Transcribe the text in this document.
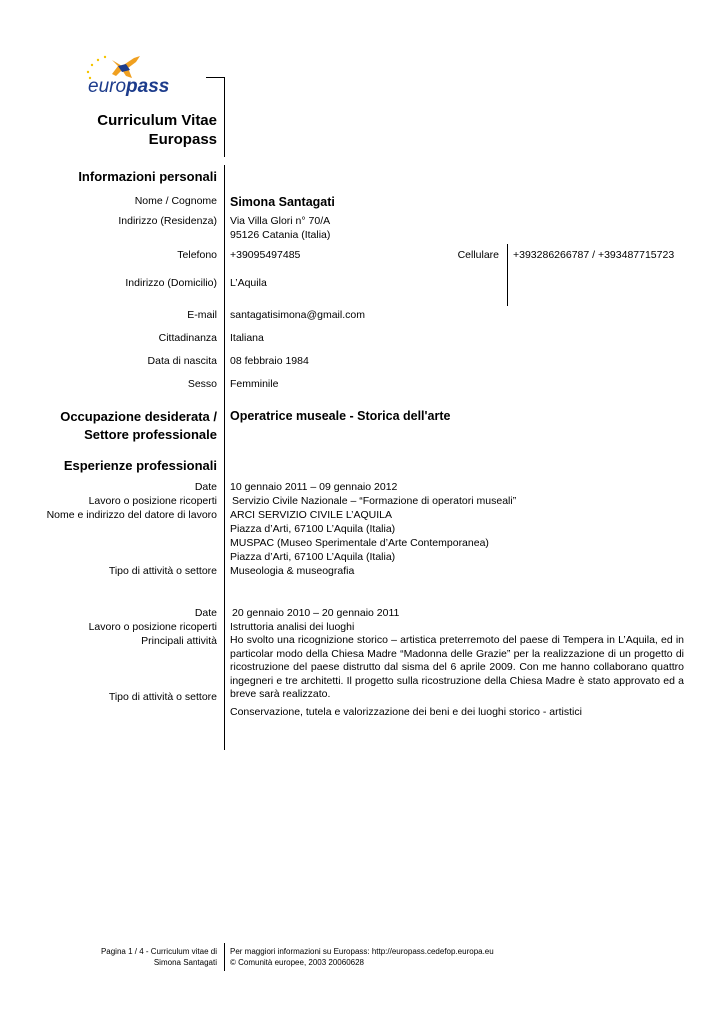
europass
Curriculum Vitae
Europass
Informazioni personali
Nome / Cognome Simona Santagati
Indirizzo (Residenza) Via Villa Glori n° 70/A
95126 Catania (Italia)
Telefono +39095497485	Cellulare +393286266787 / +393487715723
Indirizzo (Domicilio) L’Aquila
E-mail santagatisimona@gmail.com
Cittadinanza Italiana
Data di nascita 08 febbraio 1984
Sesso Femminile
Occupazione desiderata /
Settore professionale
Operatrice museale - Storica dell'arte
Esperienze professionali
Date 10 gennaio 2011 – 09 gennaio 2012
Lavoro o posizione ricoperti Servizio Civile Nazionale – “Formazione di operatori museali”
Nome e indirizzo del datore di lavoro ARCI SERVIZIO CIVILE L’AQUILA
Piazza d’Arti, 67100 L’Aquila (Italia)
MUSPAC (Museo Sperimentale d’Arte Contemporanea)
Piazza d’Arti, 67100 L’Aquila (Italia)
Tipo di attività o settore Museologia & museografia
Date 20 gennaio 2010 – 20 gennaio 2011
Lavoro o posizione ricoperti Istruttoria analisi dei luoghi
Principali attività Ho svolto una ricognizione storico – artistica preterremoto del paese di Tempera in L’Aquila, ed in particolar modo della Chiesa Madre “Madonna delle Grazie” per la realizzazione di un progetto di ricostruzione del paese distrutto dal sisma del 6 aprile 2009. Con me hanno collaborano quattro ingegneri e tre architetti. Il progetto sulla ricostruzione della Chiesa Madre è stato approvato ed a breve sarà realizzato.
Tipo di attività o settore
Conservazione, tutela e valorizzazione dei beni e dei luoghi storico - artistici
Pagina 1 / 4 - Curriculum vitae di
Simona Santagati
Per maggiori informazioni su Europass: http://europass.cedefop.europa.eu
© Comunità europee, 2003 20060628
